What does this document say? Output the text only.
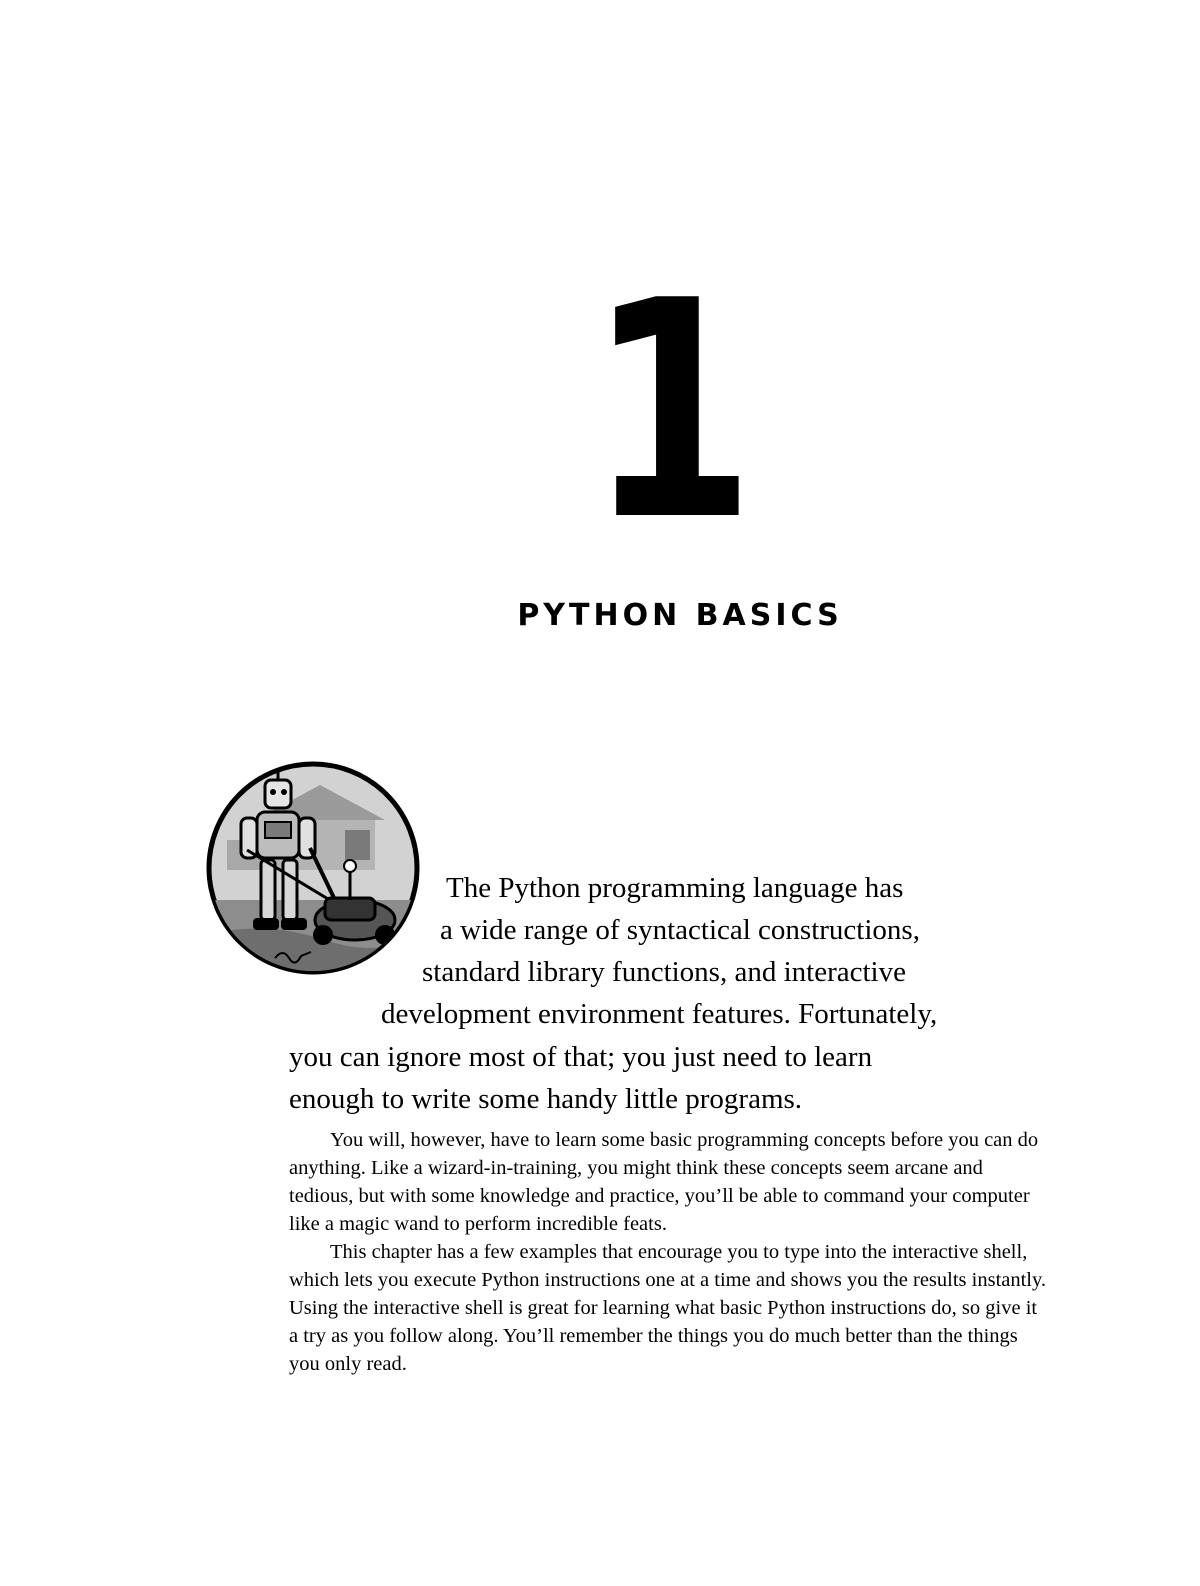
1
PYTHON BASICS
The Python programming language has
a wide range of syntactical constructions,
standard library functions, and interactive
development environment features. Fortunately,
you can ignore most of that; you just need to learn
enough to write some handy little programs.

You will, however, have to learn some basic programming concepts before you can do anything. Like a wizard-in-training, you might think these concepts seem arcane and tedious, but with some knowledge and practice, you’ll be able to command your computer like a magic wand to perform incredible feats.

This chapter has a few examples that encourage you to type into the interactive shell, which lets you execute Python instructions one at a time and shows you the results instantly. Using the interactive shell is great for learning what basic Python instructions do, so give it a try as you follow along. You’ll remember the things you do much better than the things you only read.
